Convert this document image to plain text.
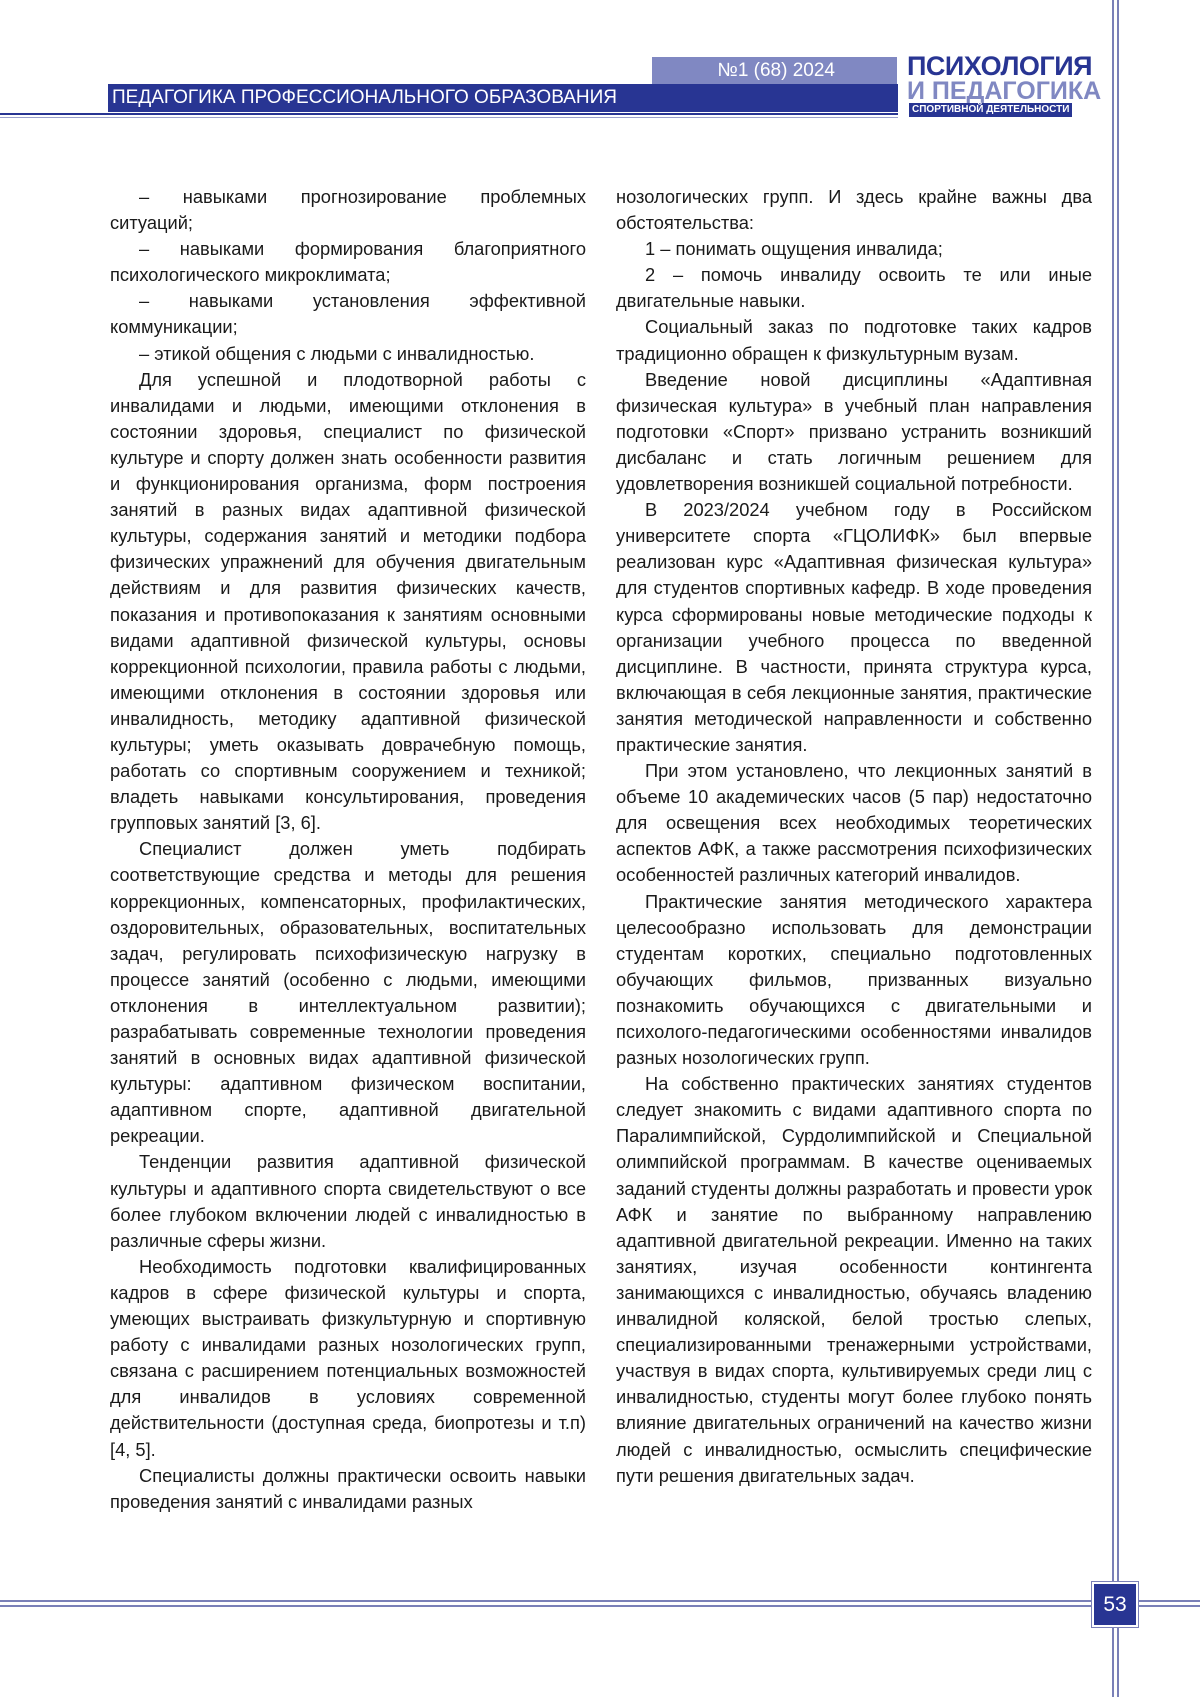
№1 (68) 2024
ПЕДАГОГИКА ПРОФЕССИОНАЛЬНОГО ОБРАЗОВАНИЯ
ПСИХОЛОГИЯ
И ПЕДАГОГИКА
СПОРТИВНОЙ ДЕЯТЕЛЬНОСТИ

– навыками прогнозирование проблемных ситуаций;

– навыками формирования благоприятного психологического микроклимата;

– навыками установления эффективной коммуникации;

– этикой общения с людьми с инвалидностью.

Для успешной и плодотворной работы с инвалидами и людьми, имеющими отклонения в состоянии здоровья, специалист по физической культуре и спорту должен знать особенности развития и функционирования организма, форм построения занятий в разных видах адаптивной физической культуры, содержания занятий и методики подбора физических упражнений для обучения двигательным действиям и для развития физических качеств, показания и противопоказания к занятиям основными видами адаптивной физической культуры, основы коррекционной психологии, правила работы с людьми, имеющими отклонения в состоянии здоровья или инвалидность, методику адаптивной физической культуры; уметь оказывать доврачебную помощь, работать со спортивным сооружением и техникой; владеть навыками консультирования, проведения групповых занятий [3, 6].

Специалист должен уметь подбирать соответствующие средства и методы для решения коррекционных, компенсаторных, профилактических, оздоровительных, образовательных, воспитательных задач, регулировать психофизическую нагрузку в процессе занятий (особенно с людьми, имеющими отклонения в интеллектуальном развитии); разрабатывать современные технологии проведения занятий в основных видах адаптивной физической культуры: адаптивном физическом воспитании, адаптивном спорте, адаптивной двигательной рекреации.

Тенденции развития адаптивной физической культуры и адаптивного спорта свидетельствуют о все более глубоком включении людей с инвалидностью в различные сферы жизни.

Необходимость подготовки квалифицированных кадров в сфере физической культуры и спорта, умеющих выстраивать физкультурную и спортивную работу с инвалидами разных нозологических групп, связана с расширением потенциальных возможностей для инвалидов в условиях современной действительности (доступная среда, биопротезы и т.п) [4, 5].

Специалисты должны практически освоить навыки проведения занятий с инвалидами разных

нозологических групп. И здесь крайне важны два обстоятельства:

1 – понимать ощущения инвалида;

2 – помочь инвалиду освоить те или иные двигательные навыки.

Социальный заказ по подготовке таких кадров традиционно обращен к физкультурным вузам.

Введение новой дисциплины «Адаптивная физическая культура» в учебный план направления подготовки «Спорт» призвано устранить возникший дисбаланс и стать логичным решением для удовлетворения возникшей социальной потребности.

В 2023/2024 учебном году в Российском университете спорта «ГЦОЛИФК» был впервые реализован курс «Адаптивная физическая культура» для студентов спортивных кафедр. В ходе проведения курса сформированы новые методические подходы к организации учебного процесса по введенной дисциплине. В частности, принята структура курса, включающая в себя лекционные занятия, практические занятия методической направленности и собственно практические занятия.

При этом установлено, что лекционных занятий в объеме 10 академических часов (5 пар) недостаточно для освещения всех необходимых теоретических аспектов АФК, а также рассмотрения психофизических особенностей различных категорий инвалидов.

Практические занятия методического характера целесообразно использовать для демонстрации студентам коротких, специально подготовленных обучающих фильмов, призванных визуально познакомить обучающихся с двигательными и психолого-педагогическими особенностями инвалидов разных нозологических групп.

На собственно практических занятиях студентов следует знакомить с видами адаптивного спорта по Паралимпийской, Сурдолимпийской и Специальной олимпийской программам. В качестве оцениваемых заданий студенты должны разработать и провести урок АФК и занятие по выбранному направлению адаптивной двигательной рекреации. Именно на таких занятиях, изучая особенности контингента занимающихся с инвалидностью, обучаясь владению инвалидной коляской, белой тростью слепых, специализированными тренажерными устройствами, участвуя в видах спорта, культивируемых среди лиц с инвалидностью, студенты могут более глубоко понять влияние двигательных ограничений на качество жизни людей с инвалидностью, осмыслить специфические пути решения двигательных задач.

53
